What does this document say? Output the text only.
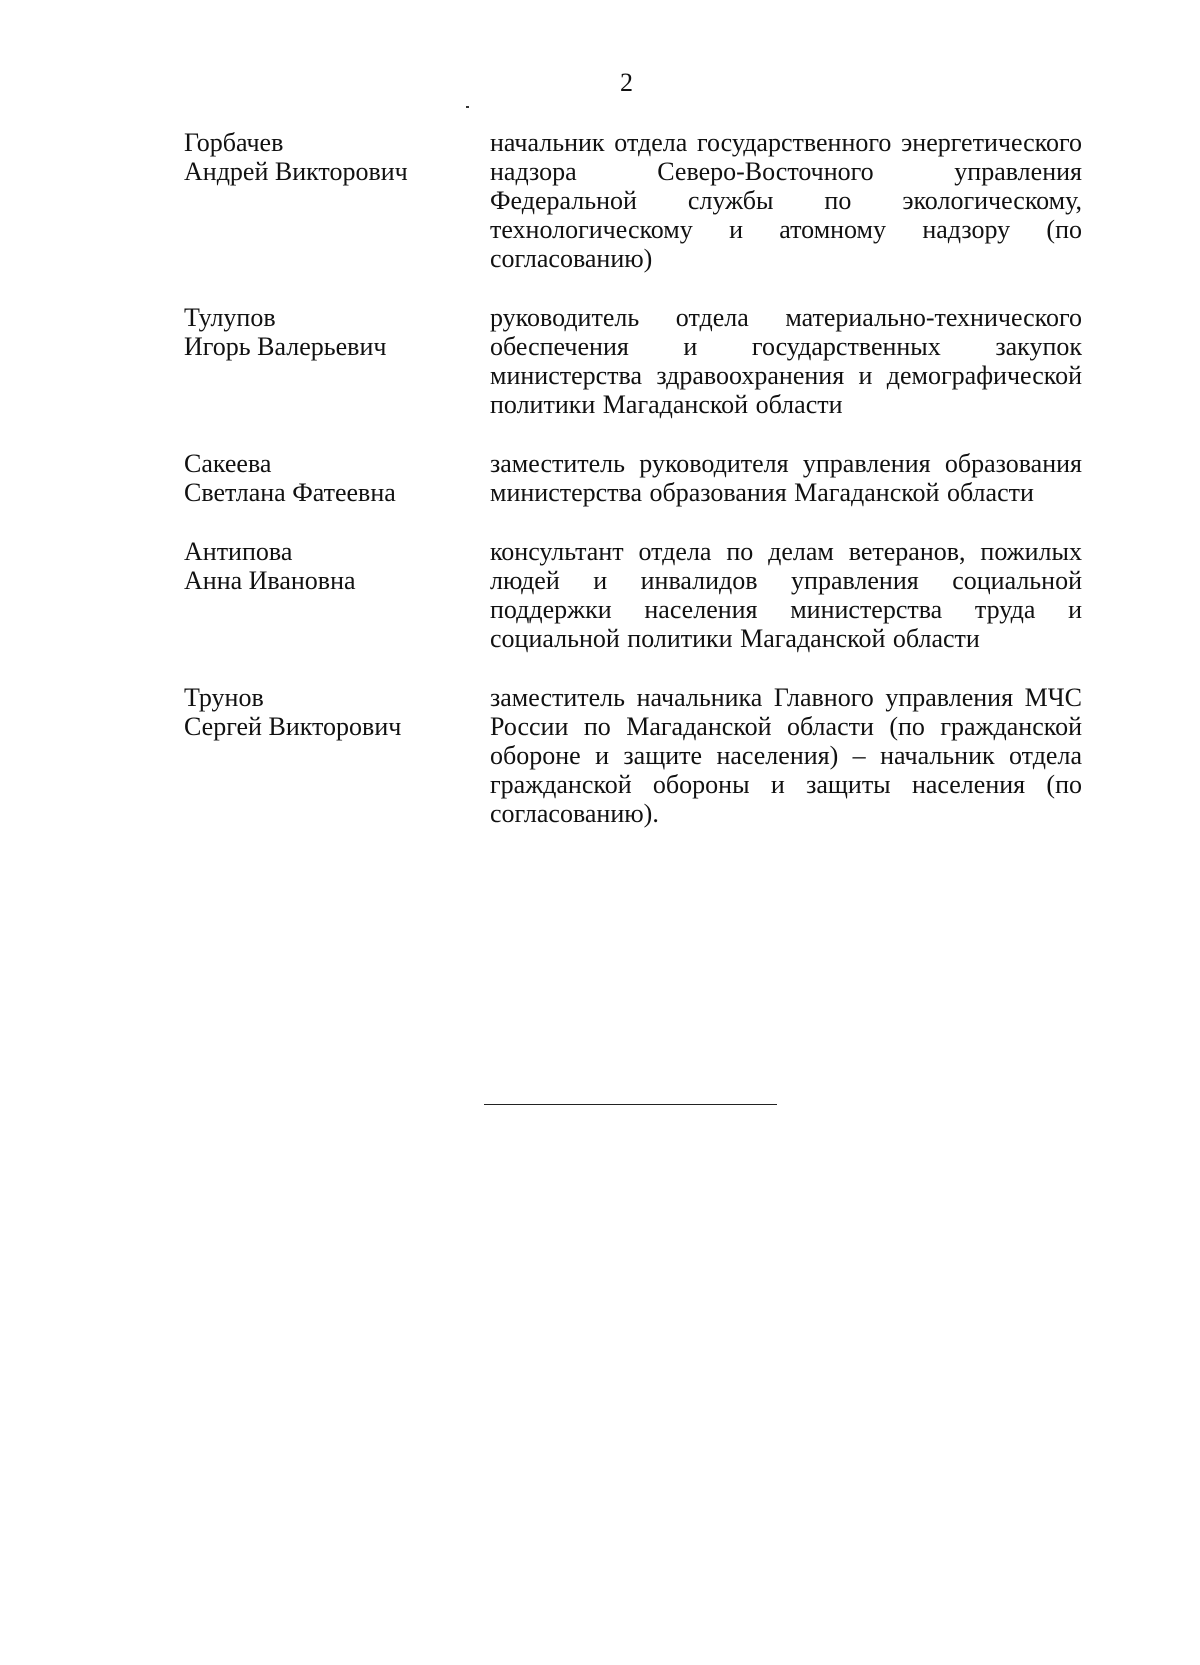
2
Горбачев
Андрей Викторович
начальник отдела государственного энергетического надзора Северо-Восточного управления Федеральной службы по экологическому, технологическому и атомному надзору (по согласованию)
Тулупов
Игорь Валерьевич
руководитель отдела материально-технического обеспечения и государственных закупок министерства здравоохранения и демографической политики Магаданской области
Сакеева
Светлана Фатеевна
заместитель руководителя управления образования министерства образования Магаданской области
Антипова
Анна Ивановна
консультант отдела по делам ветеранов, пожилых людей и инвалидов управления социальной поддержки населения министерства труда и социальной политики Магаданской области
Трунов
Сергей Викторович
заместитель начальника Главного управления МЧС России по Магаданской области (по гражданской обороне и защите населения) – начальник отдела гражданской обороны и защиты населения (по согласованию).
